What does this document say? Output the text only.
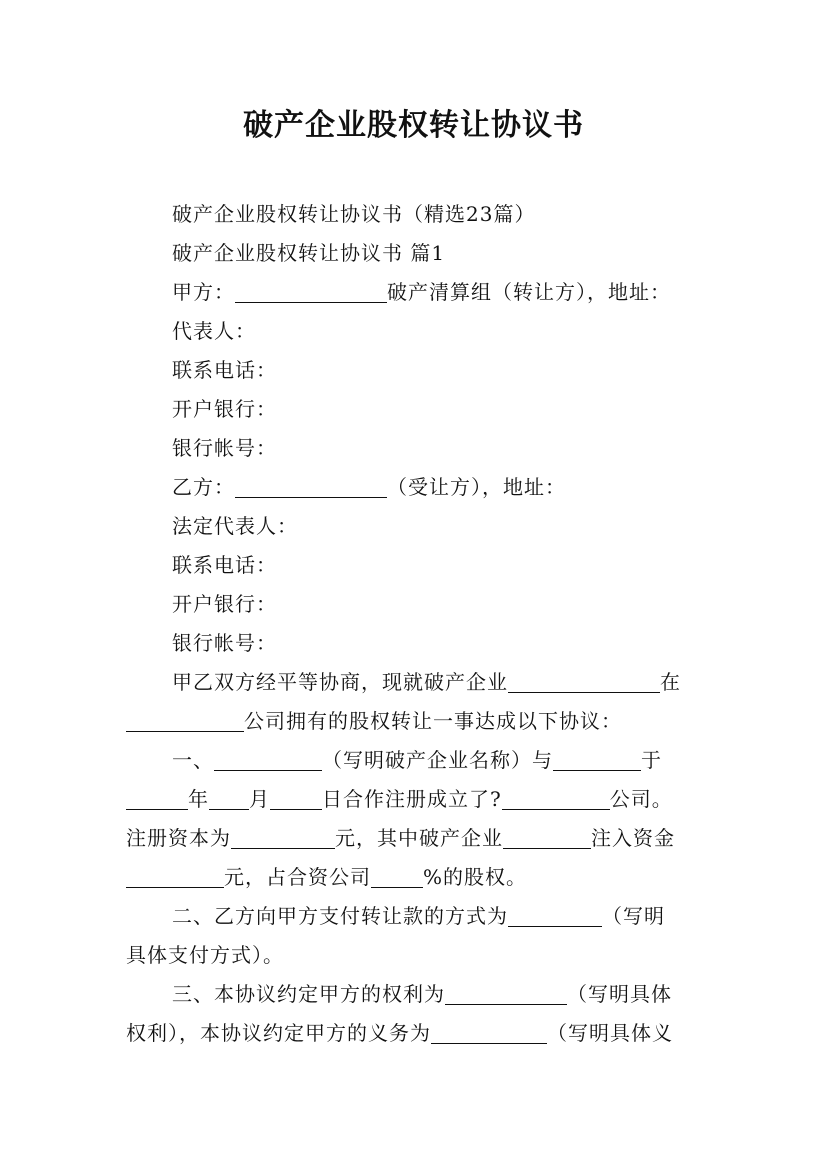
破产企业股权转让协议书

破产企业股权转让协议书（精选23篇）

破产企业股权转让协议书 篇1

甲方：	破产清算组（转让方），地址：

代表人：

联系电话：

开户银行：

银行帐号：

乙方：	（受让方），地址：

法定代表人：

联系电话：

开户银行：

银行帐号：

甲乙双方经平等协商，现就破产企业	在

公司拥有的股权转让一事达成以下协议：

一、	（写明破产企业名称）与	于

年 月	日合作注册成立了?	公司。

注册资本为	元，其中破产企业	注入资金

元，占合资公司	%的股权。

二、乙方向甲方支付转让款的方式为	（写明

具体支付方式）。

三、本协议约定甲方的权利为	（写明具体

权利），本协议约定甲方的义务为	（写明具体义
